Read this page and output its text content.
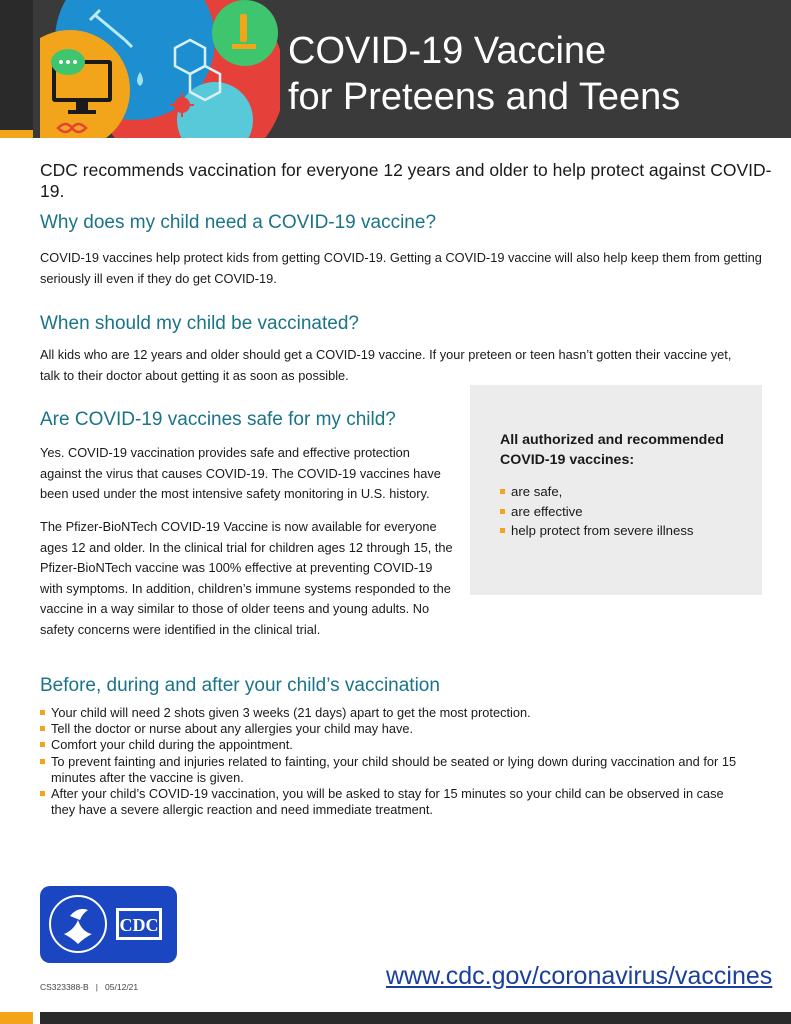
COVID-19 Vaccine
for Preteens and Teens

CDC recommends vaccination for everyone 12 years and older to help protect against COVID-19.

Why does my child need a COVID-19 vaccine?

COVID-19 vaccines help protect kids from getting COVID-19. Getting a COVID-19 vaccine will also help keep them from getting seriously ill even if they do get COVID-19.

When should my child be vaccinated?

All kids who are 12 years and older should get a COVID-19 vaccine. If your preteen or teen hasn’t gotten their vaccine yet, talk to their doctor about getting it as soon as possible.

Are COVID-19 vaccines safe for my child?

Yes. COVID-19 vaccination provides safe and effective protection against the virus that causes COVID-19. The COVID-19 vaccines have been used under the most intensive safety monitoring in U.S. history.

The Pfizer-BioNTech COVID-19 Vaccine is now available for everyone ages 12 and older. In the clinical trial for children ages 12 through 15, the Pfizer-BioNTech vaccine was 100% effective at preventing COVID-19 with symptoms. In addition, children’s immune systems responded to the vaccine in a way similar to those of older teens and young adults. No safety concerns were identified in the clinical trial.

All authorized and recommended COVID-19 vaccines:

are safe,
are effective
help protect from severe illness
Before, during and after your child’s vaccination
Your child will need 2 shots given 3 weeks (21 days) apart to get the most protection.
Tell the doctor or nurse about any allergies your child may have.
Comfort your child during the appointment.
To prevent fainting and injuries related to fainting, your child should be seated or lying down during vaccination and for 15 minutes after the vaccine is given.
After your child’s COVID-19 vaccination, you will be asked to stay for 15 minutes so your child can be observed in case they have a severe allergic reaction and need immediate treatment.
CDC

CS323388-B   |   05/12/21	www.cdc.gov/coronavirus/vaccines
